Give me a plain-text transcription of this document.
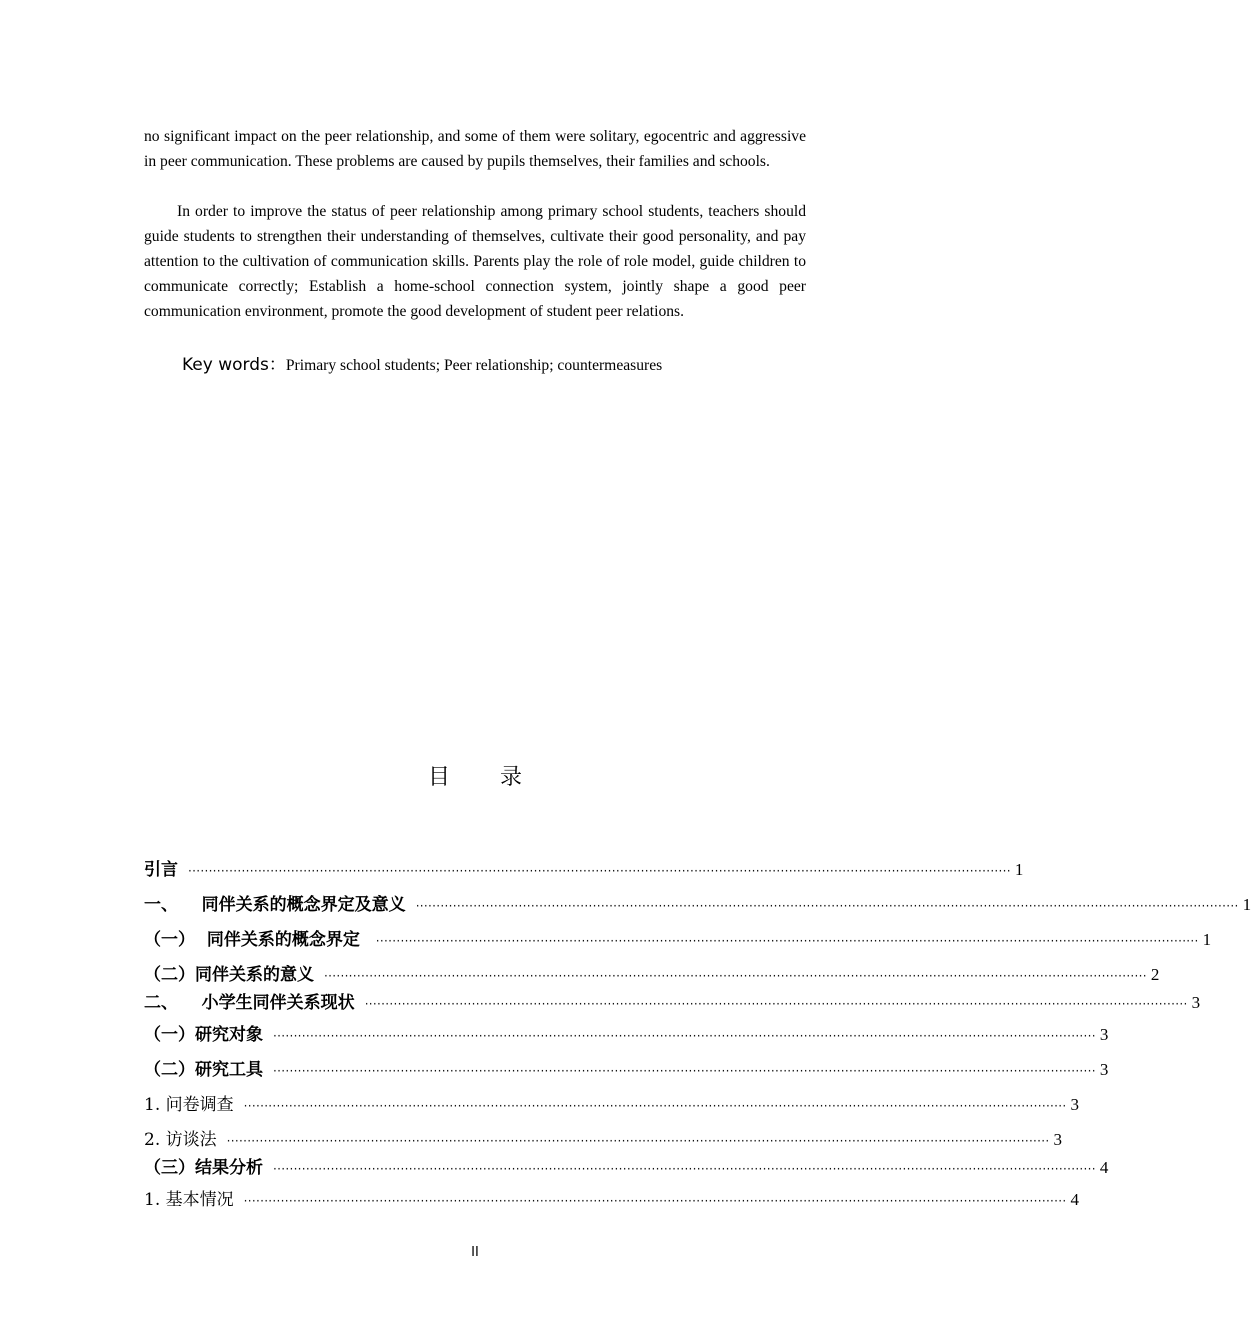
no significant impact on the peer relationship, and some of them were solitary, egocentric and aggressive in peer communication. These problems are caused by pupils themselves, their families and schools.

In order to improve the status of peer relationship among primary school students, teachers should guide students to strengthen their understanding of themselves, cultivate their good personality, and pay attention to the cultivation of communication skills. Parents play the role of role model, guide children to communicate correctly; Establish a home-school connection system, jointly shape a good peer communication environment, promote the good development of student peer relations.

Key words：Primary school students; Peer relationship; countermeasures
目 录
引言 ········································································································································································································ 1
一、    同伴关系的概念界定及意义 ········································································································································································································ 1
（一）  同伴关系的概念界定 ········································································································································································································ 1
（二）同伴关系的意义 ········································································································································································································ 2
二、    小学生同伴关系现状 ········································································································································································································ 3
（一）研究对象 ········································································································································································································ 3
（二）研究工具 ········································································································································································································ 3
1. 问卷调查 ········································································································································································································ 3
2. 访谈法 ········································································································································································································ 3
（三）结果分析 ········································································································································································································ 4
1. 基本情况 ········································································································································································································ 4
II
